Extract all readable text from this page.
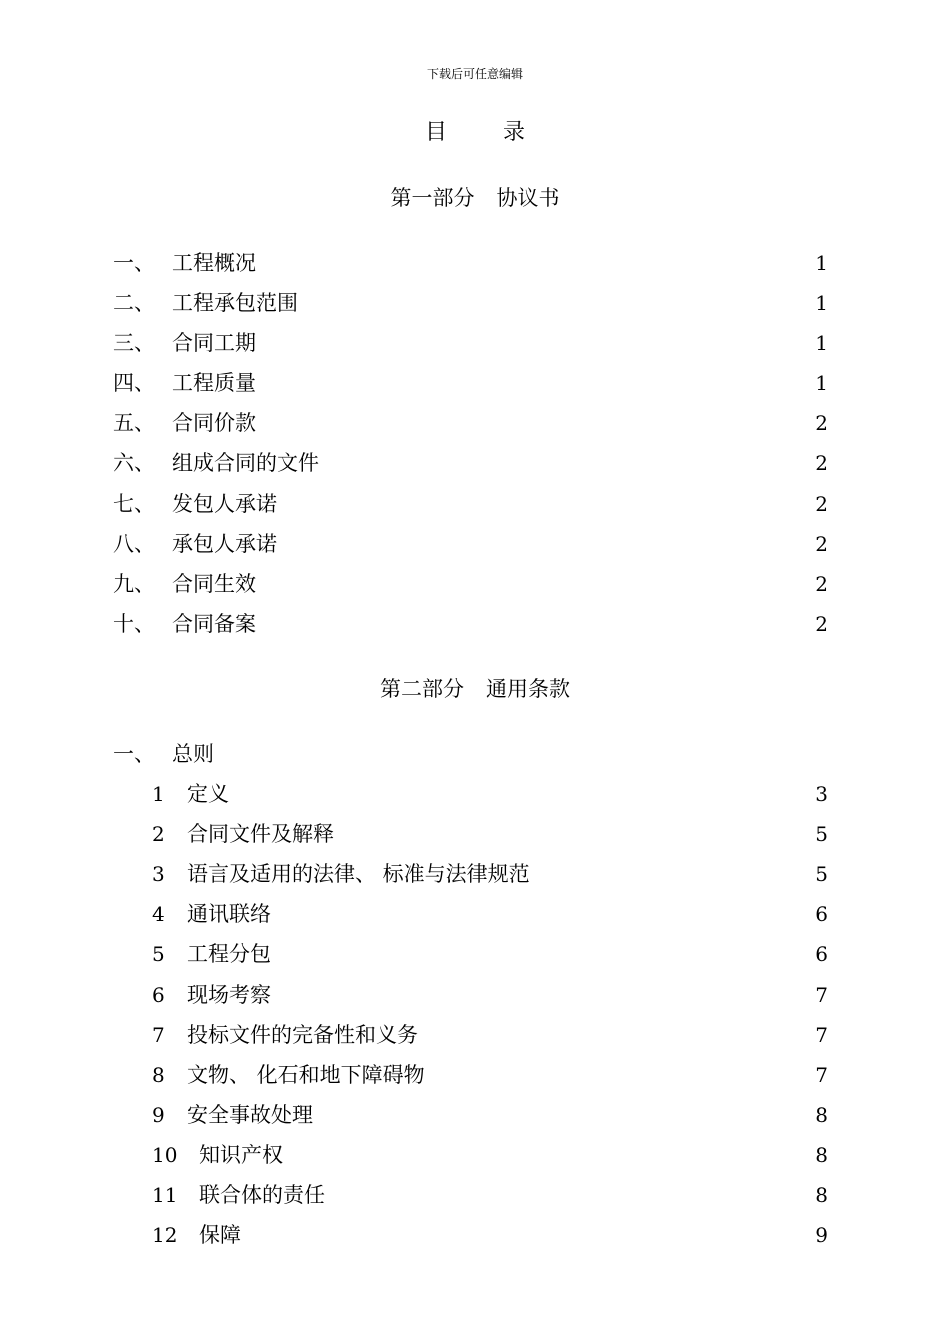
下载后可任意编辑
目	录
第一部分 协议书
一、 工程概况	1
二、 工程承包范围	1
三、 合同工期	1
四、 工程质量	1
五、 合同价款	2
六、 组成合同的文件	2
七、 发包人承诺	2
八、 承包人承诺	2
九、 合同生效	2
十、 合同备案	2
第二部分 通用条款
一、 总则
1 定义	3
2 合同文件及解释	5
3 语言及适用的法律、 标准与法律规范	5
4 通讯联络	6
5 工程分包	6
6 现场考察	7
7 投标文件的完备性和义务	7
8 文物、 化石和地下障碍物	7
9 安全事故处理	8
10 知识产权	8
11 联合体的责任	8
12 保障	9
